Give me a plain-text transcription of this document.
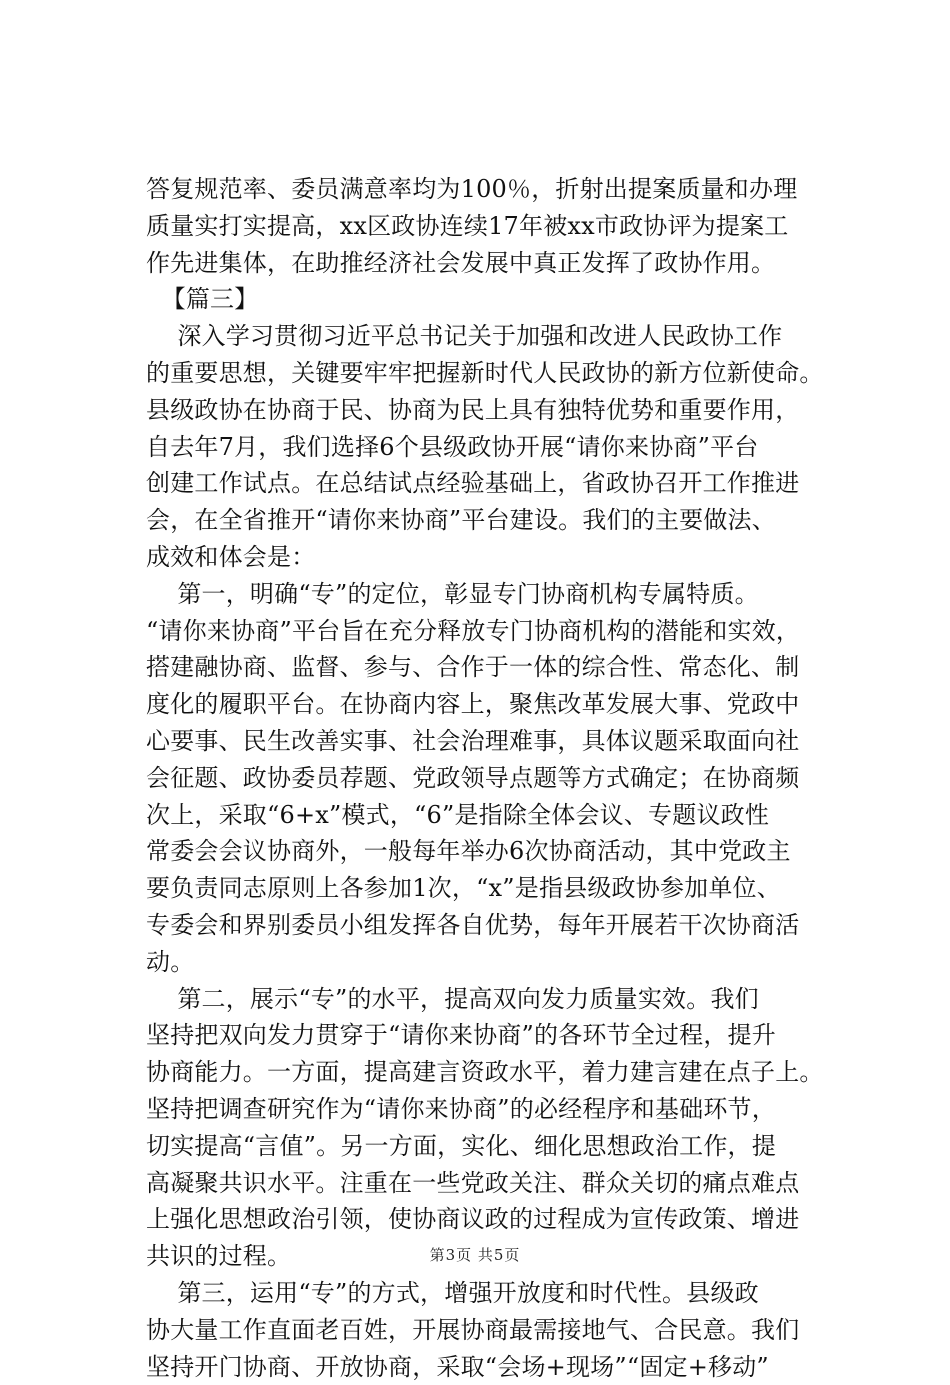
答复规范率、委员满意率均为100％，折射出提案质量和办理
质量实打实提高，xx区政协连续17年被xx市政协评为提案工
作先进集体，在助推经济社会发展中真正发挥了政协作用。
【篇三】
深入学习贯彻习近平总书记关于加强和改进人民政协工作
的重要思想，关键要牢牢把握新时代人民政协的新方位新使命。
县级政协在协商于民、协商为民上具有独特优势和重要作用，
自去年7月，我们选择6个县级政协开展“请你来协商”平台
创建工作试点。在总结试点经验基础上，省政协召开工作推进
会，在全省推开“请你来协商”平台建设。我们的主要做法、
成效和体会是：
第一，明确“专”的定位，彰显专门协商机构专属特质。
“请你来协商”平台旨在充分释放专门协商机构的潜能和实效，
搭建融协商、监督、参与、合作于一体的综合性、常态化、制
度化的履职平台。在协商内容上，聚焦改革发展大事、党政中
心要事、民生改善实事、社会治理难事，具体议题采取面向社
会征题、政协委员荐题、党政领导点题等方式确定；在协商频
次上，采取“6+x”模式，“6”是指除全体会议、专题议政性
常委会会议协商外，一般每年举办6次协商活动，其中党政主
要负责同志原则上各参加1次，“x”是指县级政协参加单位、
专委会和界别委员小组发挥各自优势，每年开展若干次协商活
动。
第二，展示“专”的水平，提高双向发力质量实效。我们
坚持把双向发力贯穿于“请你来协商”的各环节全过程，提升
协商能力。一方面，提高建言资政水平，着力建言建在点子上。
坚持把调查研究作为“请你来协商”的必经程序和基础环节，
切实提高“言值”。另一方面，实化、细化思想政治工作，提
高凝聚共识水平。注重在一些党政关注、群众关切的痛点难点
上强化思想政治引领，使协商议政的过程成为宣传政策、增进
共识的过程。
第三，运用“专”的方式，增强开放度和时代性。县级政
协大量工作直面老百姓，开展协商最需接地气、合民意。我们
坚持开门协商、开放协商，采取“会场+现场”“固定+移动”
第3页 共5页
